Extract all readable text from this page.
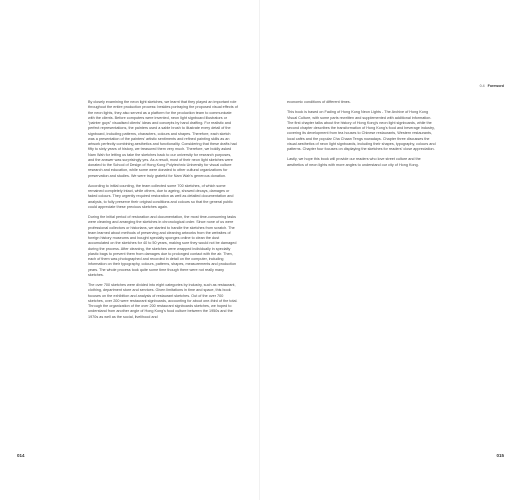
By closely examining the neon light sketches, we learnt that they played an important role throughout the entire production process: besides portraying the proposed visual effects of the neon lights, they also served as a platform for the production team to communicate with the clients. Before computers were invented, neon light signboard illustrators or "painter guys" visualised clients' ideas and concepts by hand drafting. For realistic and perfect representations, the painters used a sable brush to illustrate every detail of the signboard, including patterns, characters, colours and shapes. Therefore, each sketch was a presentation of the painters' artistic sentiments and refined painting skills as an artwork perfectly combining aesthetics and functionality. Considering that these drafts had fifty to sixty years of history, we treasured them very much. Therefore, we boldly asked Nam Wah for letting us take the sketches back to our university for research purposes, and the answer was surprisingly yes. As a result, most of their neon light sketches were donated to the School of Design of Hong Kong Polytechnic University for visual culture research and education, while some were donated to other cultural organizations for preservation and studies. We were truly grateful for Nam Wah's generous donation.

According to initial counting, the team collected some 700 sketches, of which some remained completely intact, while others, due to ageing, showed decays, damages or faded colours. They urgently required restoration as well as detailed documentation and analysis, to fully preserve their original conditions and colours so that the general public could appreciate these precious sketches again.

During the initial period of restoration and documentation, the most time-consuming tasks were cleaning and arranging the sketches in chronological order. Since none of us were professional collectors or historians, we started to handle the sketches from scratch. The team learned about methods of preserving and cleaning artworks from the websites of foreign history museums and bought specialty sponges online to clean the dust accumulated on the sketches for 40 to 50 years, making sure they would not be damaged during the process. After cleaning, the sketches were wrapped individually in specialty plastic bags to prevent them from damages due to prolonged contact with the air. Then, each of them was photographed and recorded in detail on the computer, including information on their typography, colours, patterns, shapes, measurements and production years. The whole process took quite some time though there were not really many sketches.

The over 700 sketches were divided into eight categories by industry, such as restaurant, clothing, department store and services. Given limitations in time and space, this book focuses on the exhibition and analysis of restaurant sketches. Out of the over 700 sketches, over 200 were restaurant signboards, accounting for about one-third of the total. Through the organization of the over 200 restaurant signboards sketches, we hoped to understand from another angle of Hong Kong's food culture between the 1950s and the 1970s as well as the social, livelihood and

014
0.4 Foreword

economic conditions of different times.

This book is based on Fading of Hong Kong Neon Lights - The Archive of Hong Kong Visual Culture, with some parts rewritten and supplemented with additional information. The first chapter talks about the history of Hong Kong's neon light signboards, while the second chapter describes the transformation of Hong Kong's food and beverage industry, covering its development from tea houses to Chinese restaurants, Western restaurants, local cafés and the popular Cha Chaan Tengs nowadays. Chapter three discusses the visual aesthetics of neon light signboards, including their shapes, typography, colours and patterns. Chapter four focuses on displaying the sketches for readers' close appreciation.

Lastly, we hope this book will provide our readers who love street culture and the aesthetics of neon lights with more angles to understand our city of Hong Kong.

015
